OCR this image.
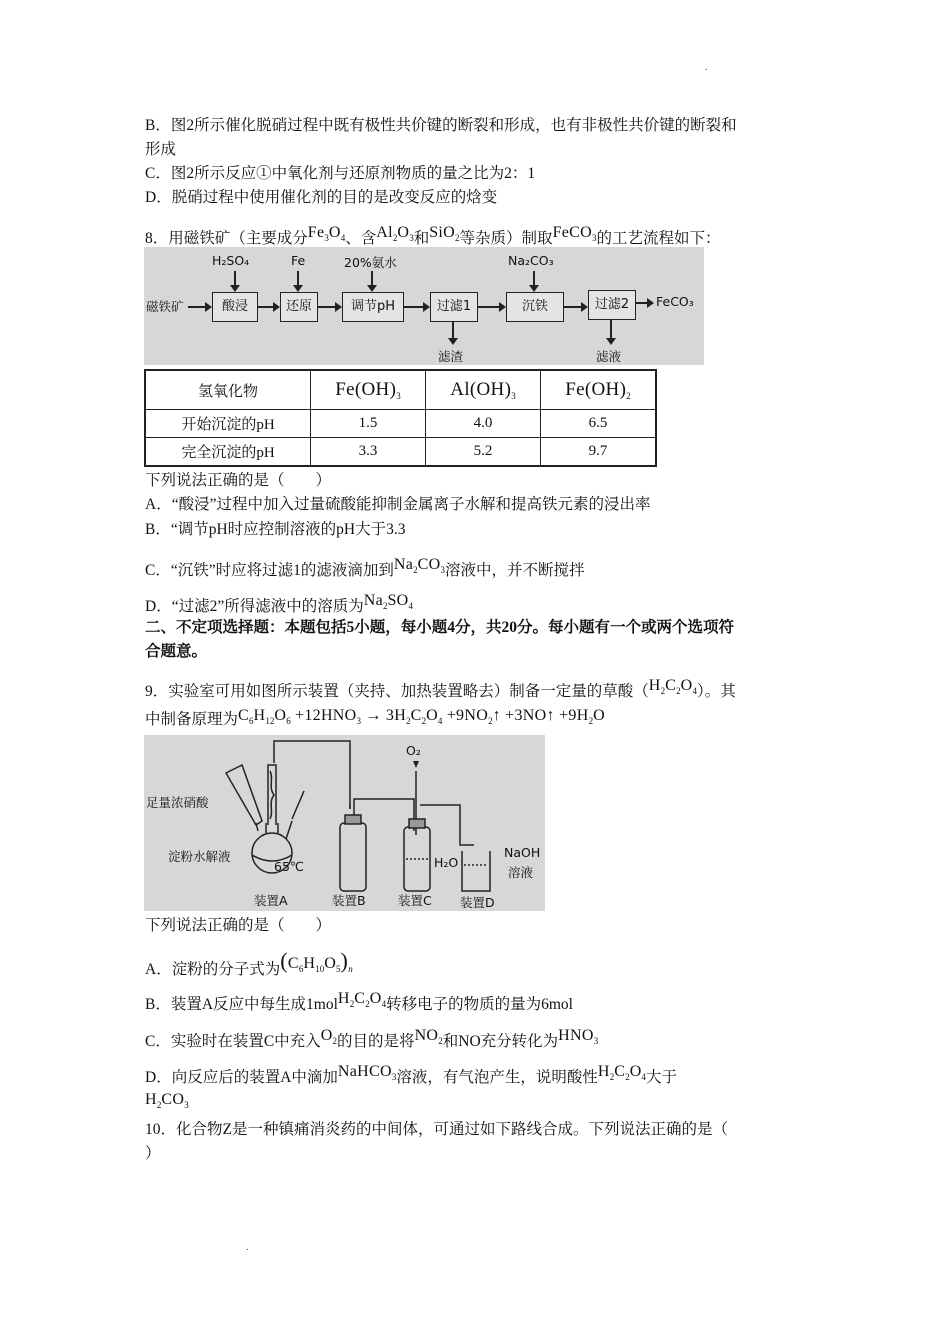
.
B．图2所示催化脱硝过程中既有极性共价键的断裂和形成，也有非极性共价键的断裂和
形成
C．图2所示反应①中氧化剂与还原剂物质的量之比为2：1
D．脱硝过程中使用催化剂的目的是改变反应的焓变
8．用磁铁矿（主要成分$Fe_3O_4$、含$Al_2O_3$和SiO$_2$等杂质）制取FeCO$_3$的工艺流程如下：
磁铁矿	酸浸
H₂SO₄
还原
Fe
调节pH
20%氨水
过滤1
滤渣
沉铁
Na₂CO₃
过滤2
滤液
FeCO₃
氢氧化物	$Fe(OH)_3$	$Al(OH)_3$	$Fe(OH)_2$
开始沉淀的pH	1.5	4.0	6.5
完全沉淀的pH	3.3	5.2	9.7
下列说法正确的是（　　）
A．“酸浸”过程中加入过量硫酸能抑制金属离子水解和提高铁元素的浸出率
B．“调节pH时应控制溶液的pH大于3.3
C．“沉铁”时应将过滤1的滤液滴加到$Na_2CO_3$溶液中，并不断搅拌
D．“过滤2”所得滤液中的溶质为$Na_2SO_4$
二、不定项选择题：本题包括5小题，每小题4分，共20分。每小题有一个或两个选项符
合题意。
9．实验室可用如图所示装置（夹持、加热装置略去）制备一定量的草酸$(H_2C_2O_4)$。其
中制备原理为$C_6H_{12}O_6 +12HNO_3 \to 3H_2C_2O_4$ $+9NO_2↑$ +3NO↑ $+9H_2O$
足量浓硝酸
淀粉水解液
65℃
O₂
H₂O
NaOH
溶液
装置A	装置B	装置C 装置D
下列说法正确的是（　　）
A．淀粉的分子式为$(C_6H_{10}O_5)_n$
B．装置A反应中每生成$1molH_2C_2O_4$转移电子的物质的量为6mol
C．实验时在装置C中充入$O_2$的目的是将$NO_2$和NO充分转化为$HNO_3$
D．向反应后的装置A中滴加NaHCO$_3$溶液，有气泡产生，说明酸性$H_2C_2O_4$大于
$H_2CO_3$
10．化合物Z是一种镇痛消炎药的中间体，可通过如下路线合成。下列说法正确的是（
）
.
